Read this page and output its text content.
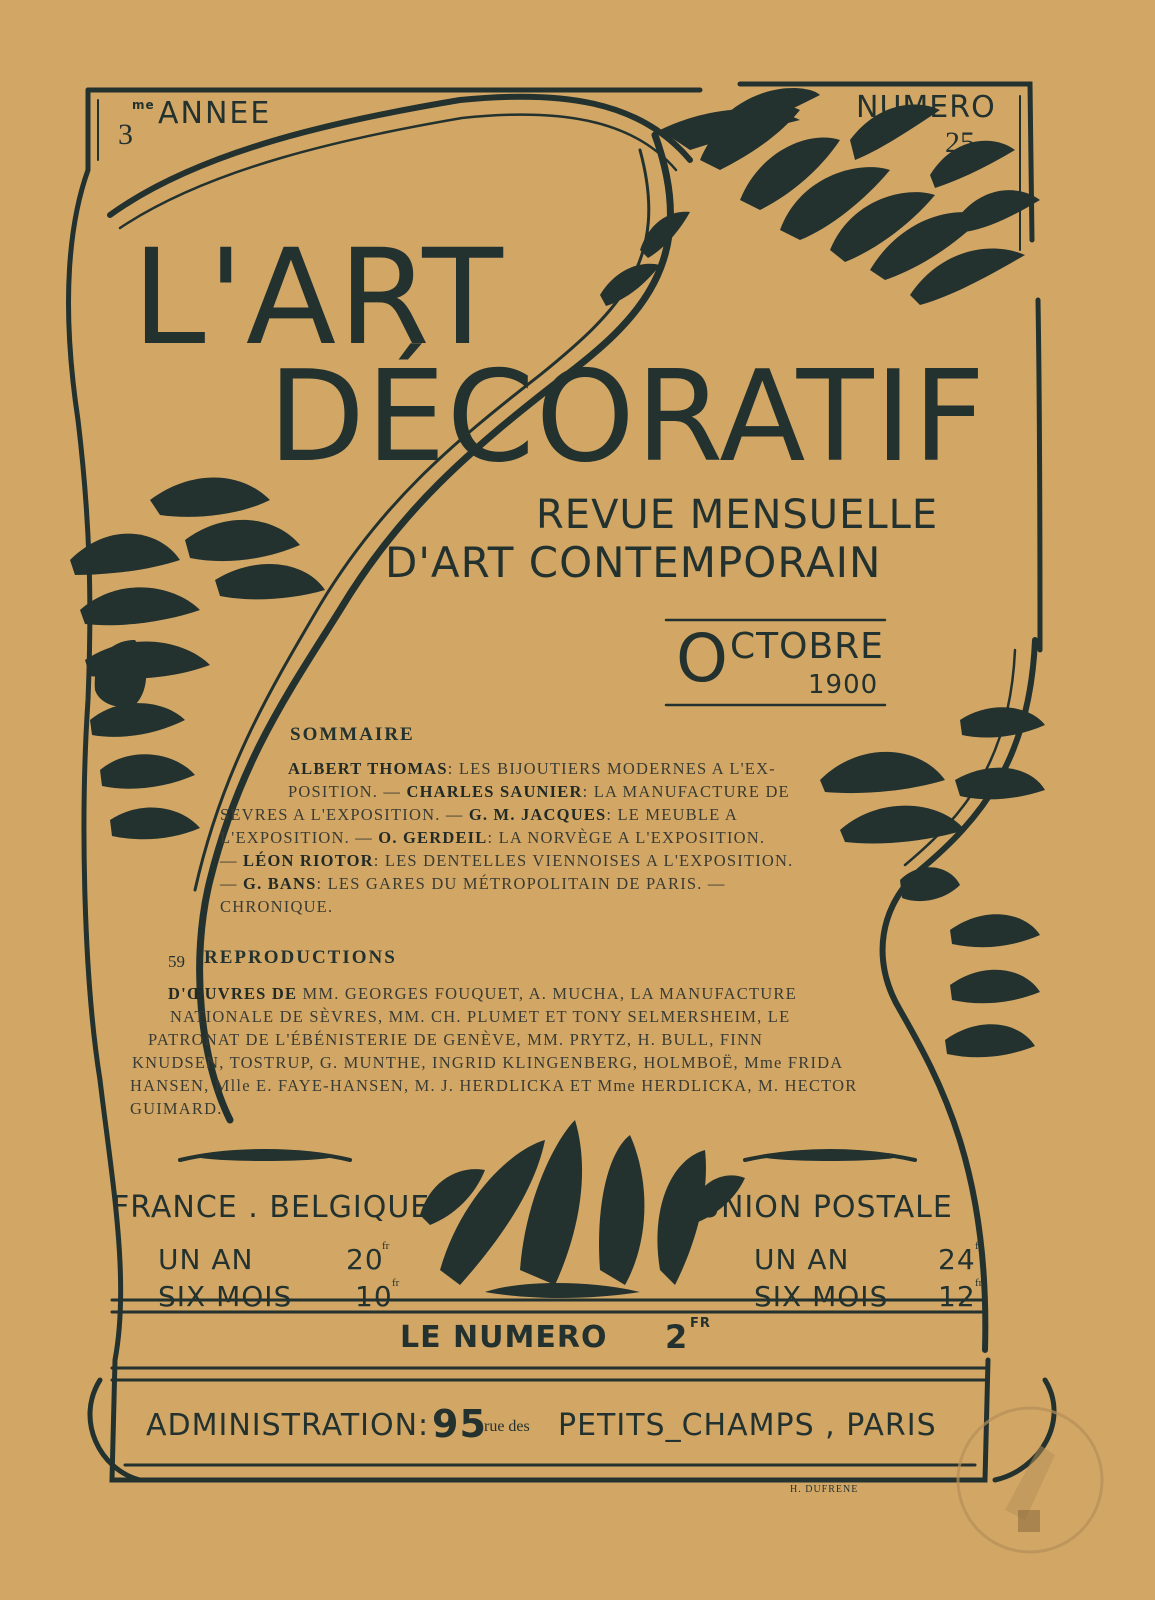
3
me ANNEE	NUMERO
25
L'ART
DÉCORATIF
REVUE MENSUELLE
D'ART CONTEMPORAIN
O CTOBRE
1900
SOMMAIRE
ALBERT THOMAS: LES BIJOUTIERS MODERNES A L'EX-
POSITION. — CHARLES SAUNIER: LA MANUFACTURE DE
SEVRES A L'EXPOSITION. — G. M. JACQUES: LE MEUBLE A
L'EXPOSITION. — O. GERDEIL: LA NORVÈGE A L'EXPOSITION.
— LÉON RIOTOR: LES DENTELLES VIENNOISES A L'EXPOSITION.
— G. BANS: LES GARES DU MÉTROPOLITAIN DE PARIS. —
CHRONIQUE.
59 REPRODUCTIONS
D'ŒUVRES DE MM. GEORGES FOUQUET, A. MUCHA, LA MANUFACTURE
NATIONALE DE SÈVRES, MM. CH. PLUMET ET TONY SELMERSHEIM, LE
PATRONAT DE L'ÉBÉNISTERIE DE GENÈVE, MM. PRYTZ, H. BULL, FINN
KNUDSEN, TOSTRUP, G. MUNTHE, INGRID KLINGENBERG, HOLMBOË, Mme FRIDA
HANSEN, Mlle E. FAYE-HANSEN, M. J. HERDLICKA ET Mme HERDLICKA, M. HECTOR
GUIMARD.
FRANCE . BELGIQUE	UNION POSTALE
UN AN	20
fr
SIX MOIS 10 fr
UN AN	24 fr
SIX MOIS 12 fr
LE NUMERO 2 FR
ADMINISTRATION: 95
rue des PETITS_CHAMPS , PARIS
H. DUFRENE
